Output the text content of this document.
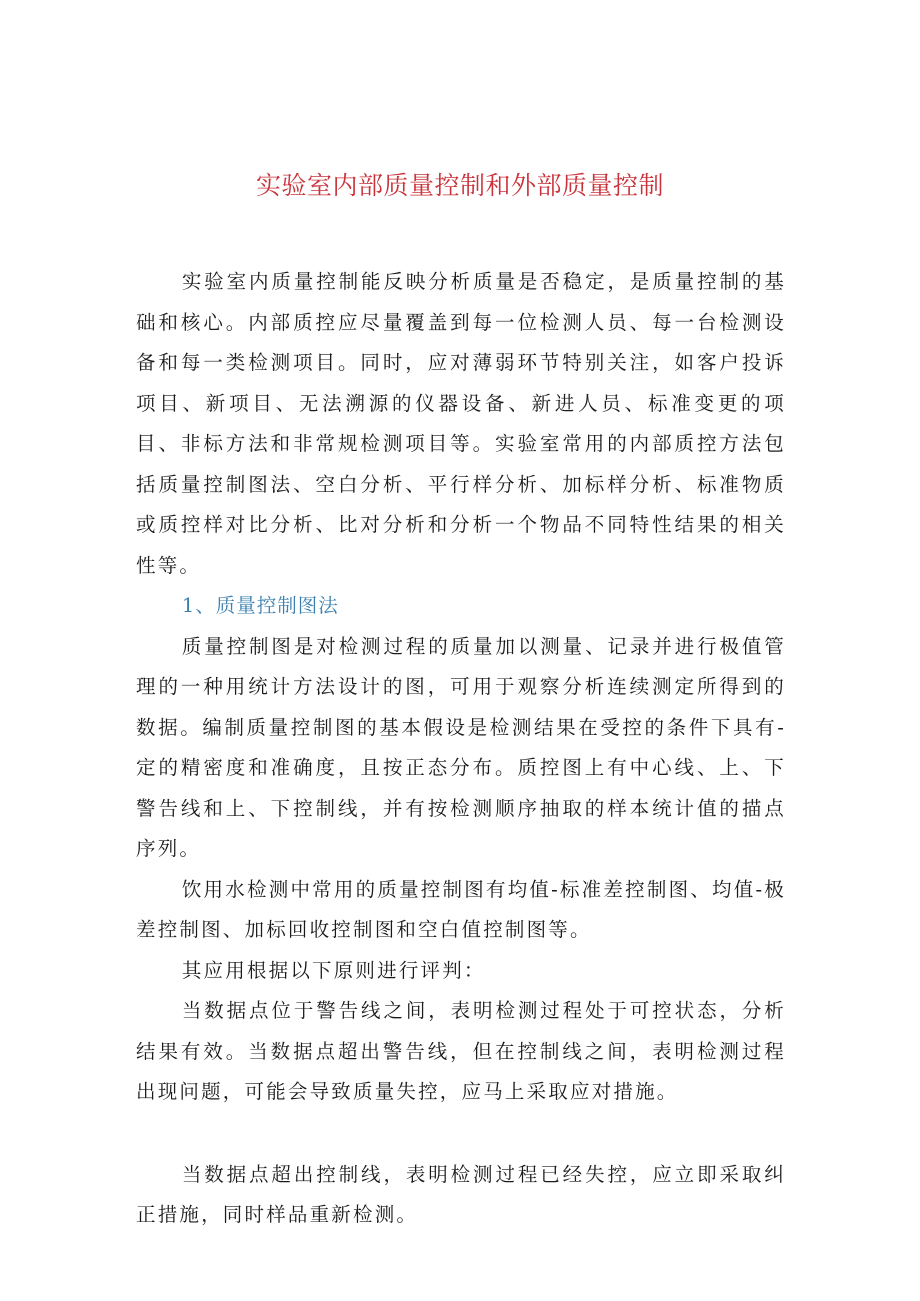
实验室内部质量控制和外部质量控制

实验室内质量控制能反映分析质量是否稳定，是质量控制的基础和核心。内部质控应尽量覆盖到每一位检测人员、每一台检测设备和每一类检测项目。同时，应对薄弱环节特别关注，如客户投诉项目、新项目、无法溯源的仪器设备、新进人员、标准变更的项目、非标方法和非常规检测项目等。实验室常用的内部质控方法包括质量控制图法、空白分析、平行样分析、加标样分析、标准物质或质控样对比分析、比对分析和分析一个物品不同特性结果的相关性等。

1、质量控制图法

质量控制图是对检测过程的质量加以测量、记录并进行极值管理的一种用统计方法设计的图，可用于观察分析连续测定所得到的数据。编制质量控制图的基本假设是检测结果在受控的条件下具有-定的精密度和准确度，且按正态分布。质控图上有中心线、上、下警告线和上、下控制线，并有按检测顺序抽取的样本统计值的描点序列。

饮用水检测中常用的质量控制图有均值-标准差控制图、均值-极差控制图、加标回收控制图和空白值控制图等。

其应用根据以下原则进行评判：

当数据点位于警告线之间，表明检测过程处于可控状态，分析结果有效。当数据点超出警告线，但在控制线之间，表明检测过程出现问题，可能会导致质量失控，应马上采取应对措施。

当数据点超出控制线，表明检测过程已经失控，应立即采取纠正措施，同时样品重新检测。
